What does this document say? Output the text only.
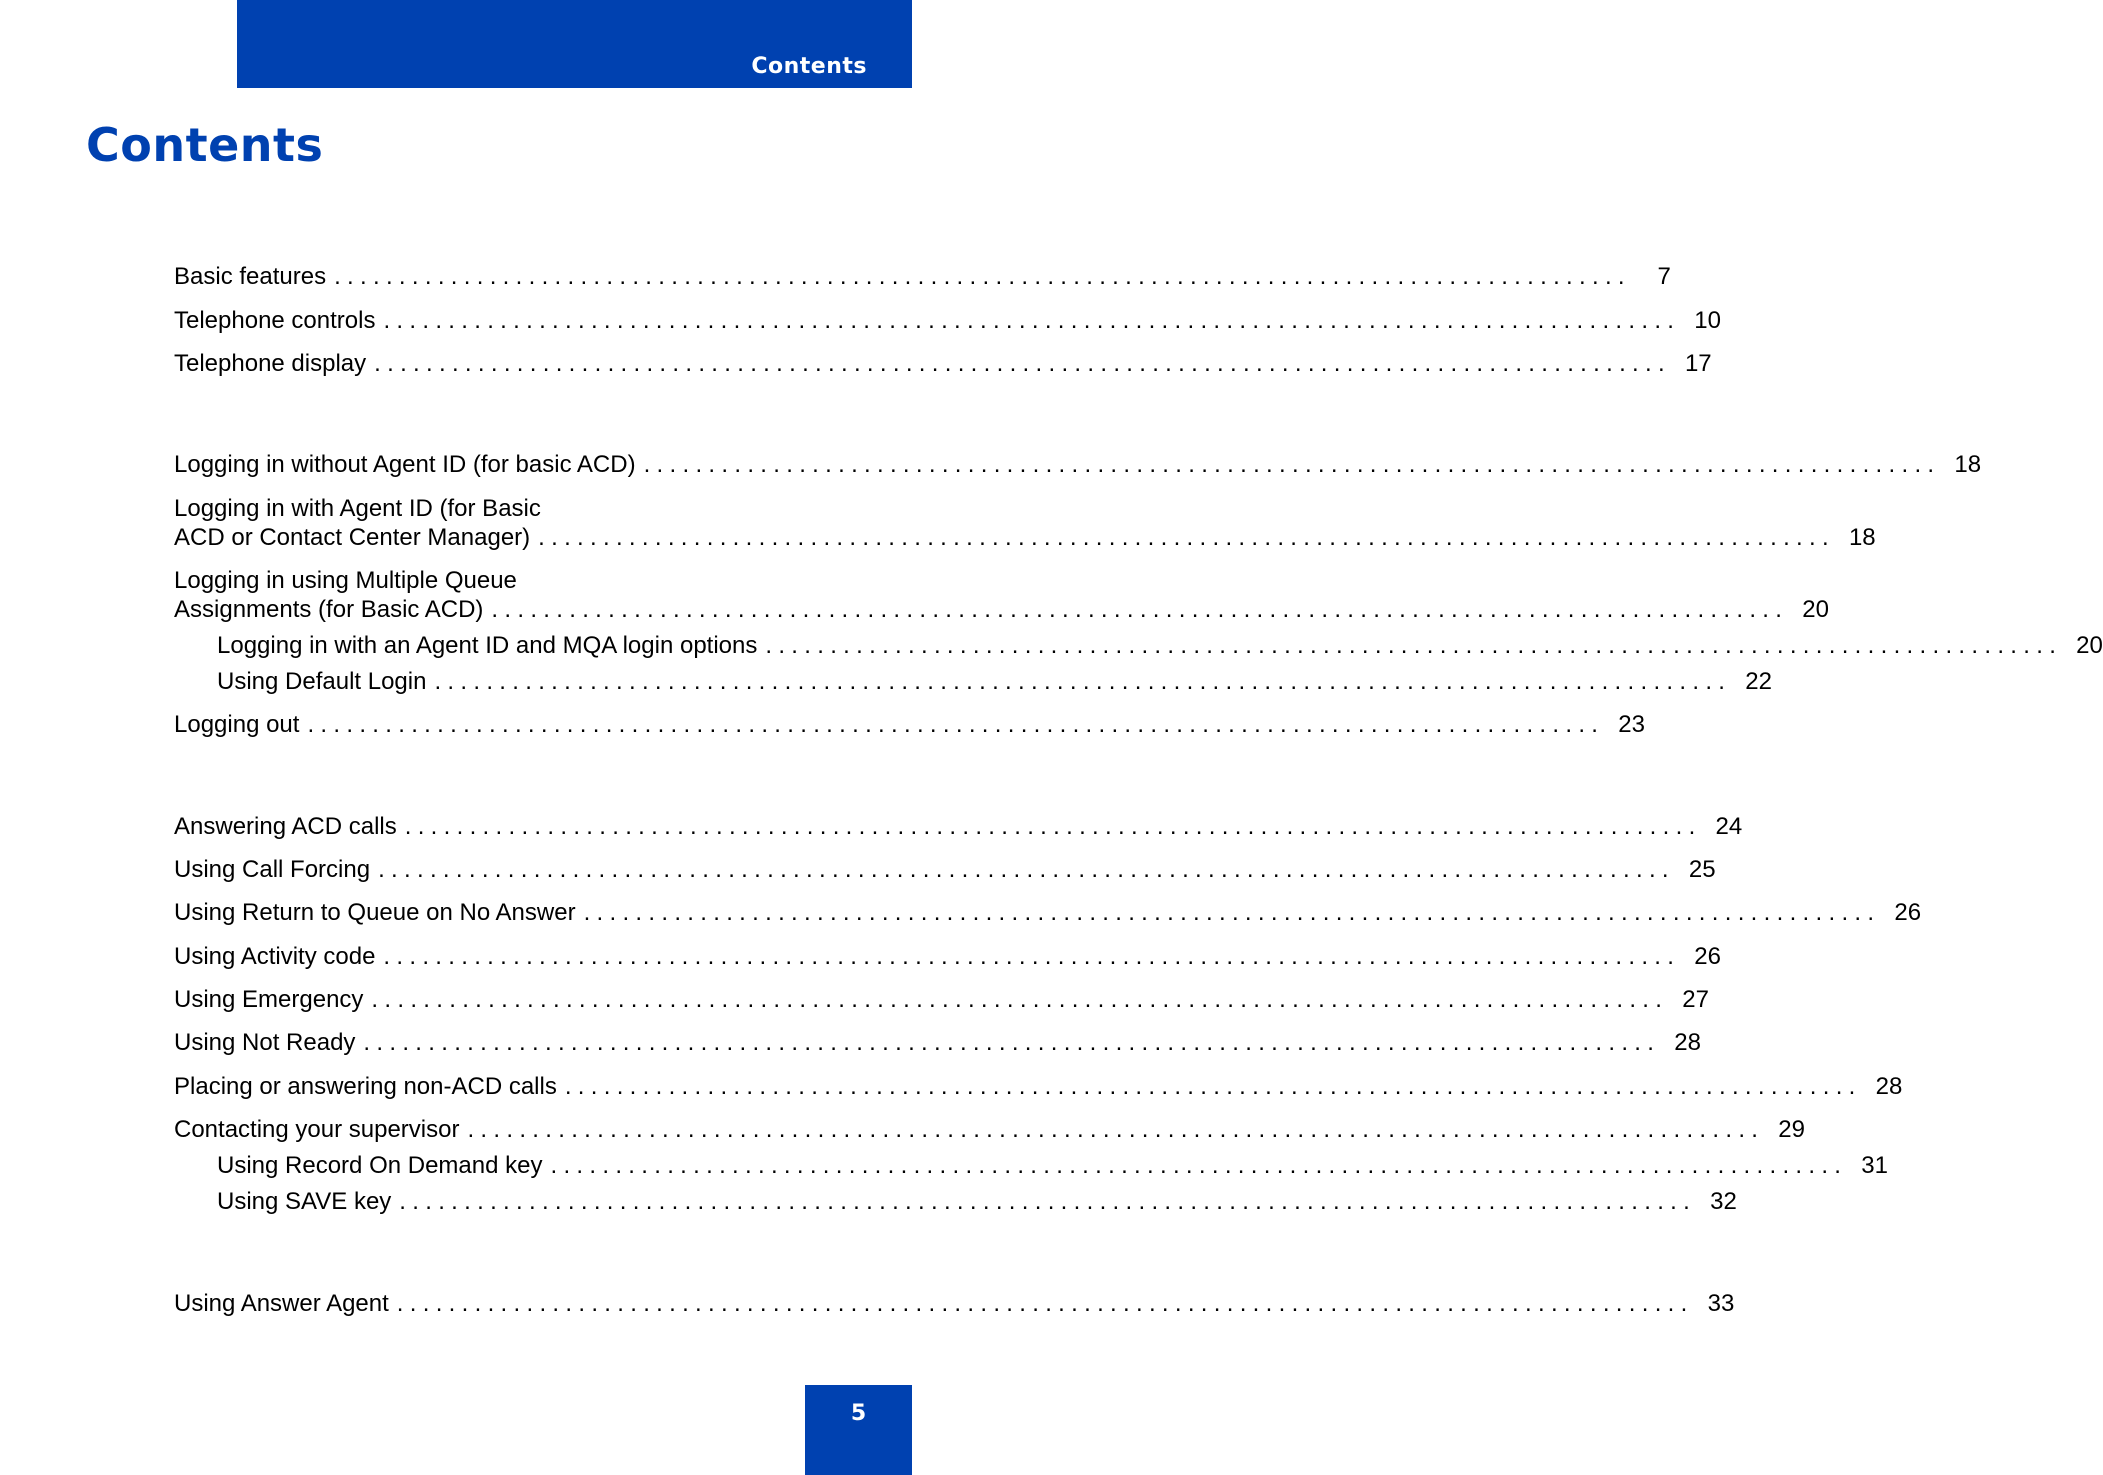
Contents
Contents
Basic features ....................................................................................................	7
Telephone controls .................................................................................................... 10
Telephone display .................................................................................................... 17
Logging in without Agent ID (for basic ACD) .................................................................................................... 18
Logging in with Agent ID (for Basic
ACD or Contact Center Manager) .................................................................................................... 18
Logging in using Multiple Queue
Assignments (for Basic ACD) .................................................................................................... 20
Logging in with an Agent ID and MQA login options .................................................................................................... 20
Using Default Login .................................................................................................... 22
Logging out .................................................................................................... 23
Answering ACD calls .................................................................................................... 24
Using Call Forcing .................................................................................................... 25
Using Return to Queue on No Answer .................................................................................................... 26
Using Activity code .................................................................................................... 26
Using Emergency .................................................................................................... 27
Using Not Ready .................................................................................................... 28
Placing or answering non-ACD calls .................................................................................................... 28
Contacting your supervisor .................................................................................................... 29
Using Record On Demand key .................................................................................................... 31
Using SAVE key .................................................................................................... 32
Using Answer Agent .................................................................................................... 33
5
